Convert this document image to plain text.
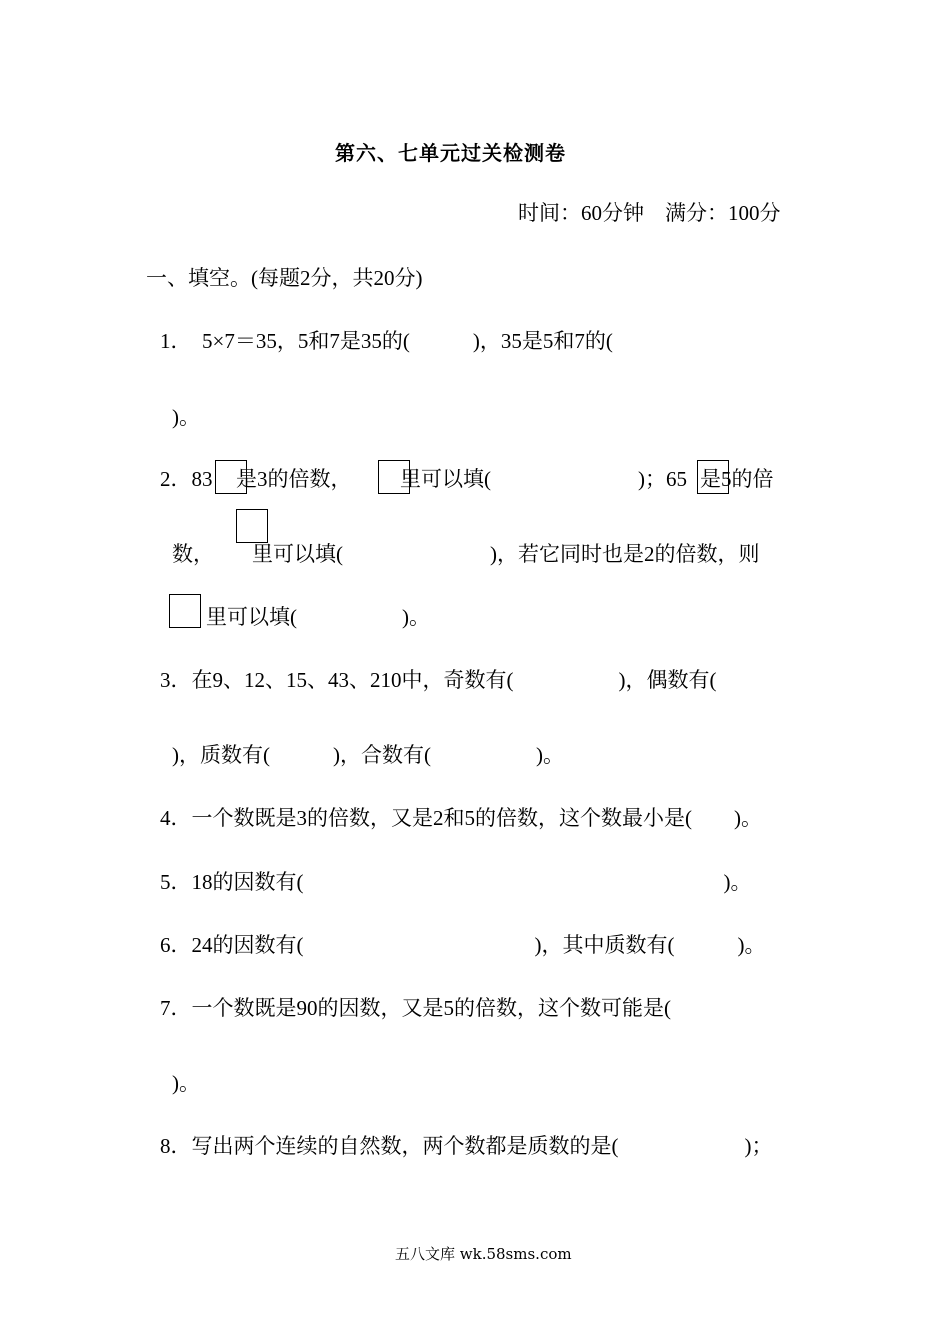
第六、七单元过关检测卷
时间：60分钟　满分：100分
一、填空。(每题2分，共20分)
1．　5×7＝35，5和7是35的(　　　)，35是5和7的(
)。
2．83 是3的倍数， 里可以填(　　　　　　　)；65 是5的倍
数， 里可以填(　　　　　　　)，若它同时也是2的倍数，则
里可以填(　　　　　)。
3．在9、12、15、43、210中，奇数有(　　　　　)，偶数有(
)，质数有(　　　)，合数有(　　　　　)。
4．一个数既是3的倍数，又是2和5的倍数，这个数最小是(　　)。
5．18的因数有(　　　　　　　　　　　　　　　　　　　　)。
6．24的因数有(　　　　　　　　　　　)，其中质数有(　　　)。
7．一个数既是90的因数，又是5的倍数，这个数可能是(
)。
8．写出两个连续的自然数，两个数都是质数的是(　　　　　　)；
五八文库 wk.58sms.com
